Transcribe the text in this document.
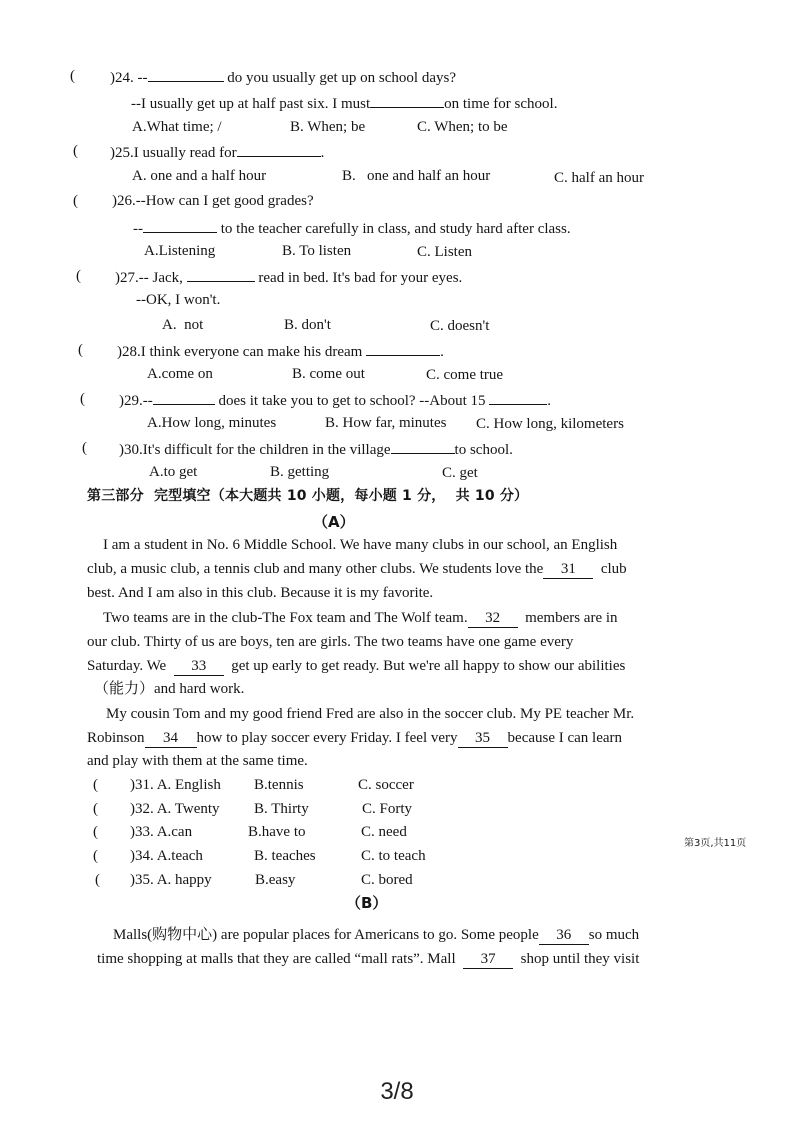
( )24. --	do you usually get up on school days?
--I usually get up at half past six. I must	on time for school.
A.What time; /	B. When; be	C. When; to be
( )25.I usually read for	.
A. one and a half hour	B.   one and half an hour	C. half an hour
( )26.--How can I get good grades?
--	to the teacher carefully in class, and study hard after class.
A.Listening	B. To listen	C. Listen
( )27.-- Jack,	read in bed. It's bad for your eyes.
--OK, I won't.
A.  not	B. don't	C. doesn't
( )28.I think everyone can make his dream	.
A.come on	B. come out	C. come true
( )29.--	does it take you to get to school? --About 15	.
A.How long, minutes	B. How far, minutes C. How long, kilometers
( )30.It's difficult for the children in the village	to school.
A.to get	B. getting	C. get
第三部分  完型填空（本大题共 10 小题，每小题 1 分，  共 10 分）
（A）
I am a student in No. 6 Middle School. We have many clubs in our school, an English
club, a music club, a tennis club and many other clubs. We students love the 31 club
best. And I am also in this club. Because it is my favorite.
Two teams are in the club-The Fox team and The Wolf team. 32 members are in
our club. Thirty of us are boys, ten are girls. The two teams have one game every
Saturday. We 33 get up early to get ready. But we're all happy to show our abilities
（能力）and hard work.
My cousin Tom and my good friend Fred are also in the soccer club. My PE teacher Mr.
Robinson 34 how to play soccer every Friday. I feel very 35 because I can learn
and play with them at the same time.
( )31. A. English B.tennis	C. soccer
( )32. A. Twenty B. Thirty	C. Forty
( )33. A.can	B.have to	C. need
( )34. A.teach	B. teaches	C. to teach
( )35. A. happy	B.easy	C. bored
（B）
Malls(购物中心) are popular places for Americans to go. Some people 36 so much
time shopping at malls that they are called “mall rats”. Mall 37 shop until they visit
第3页,共11页
3/8
